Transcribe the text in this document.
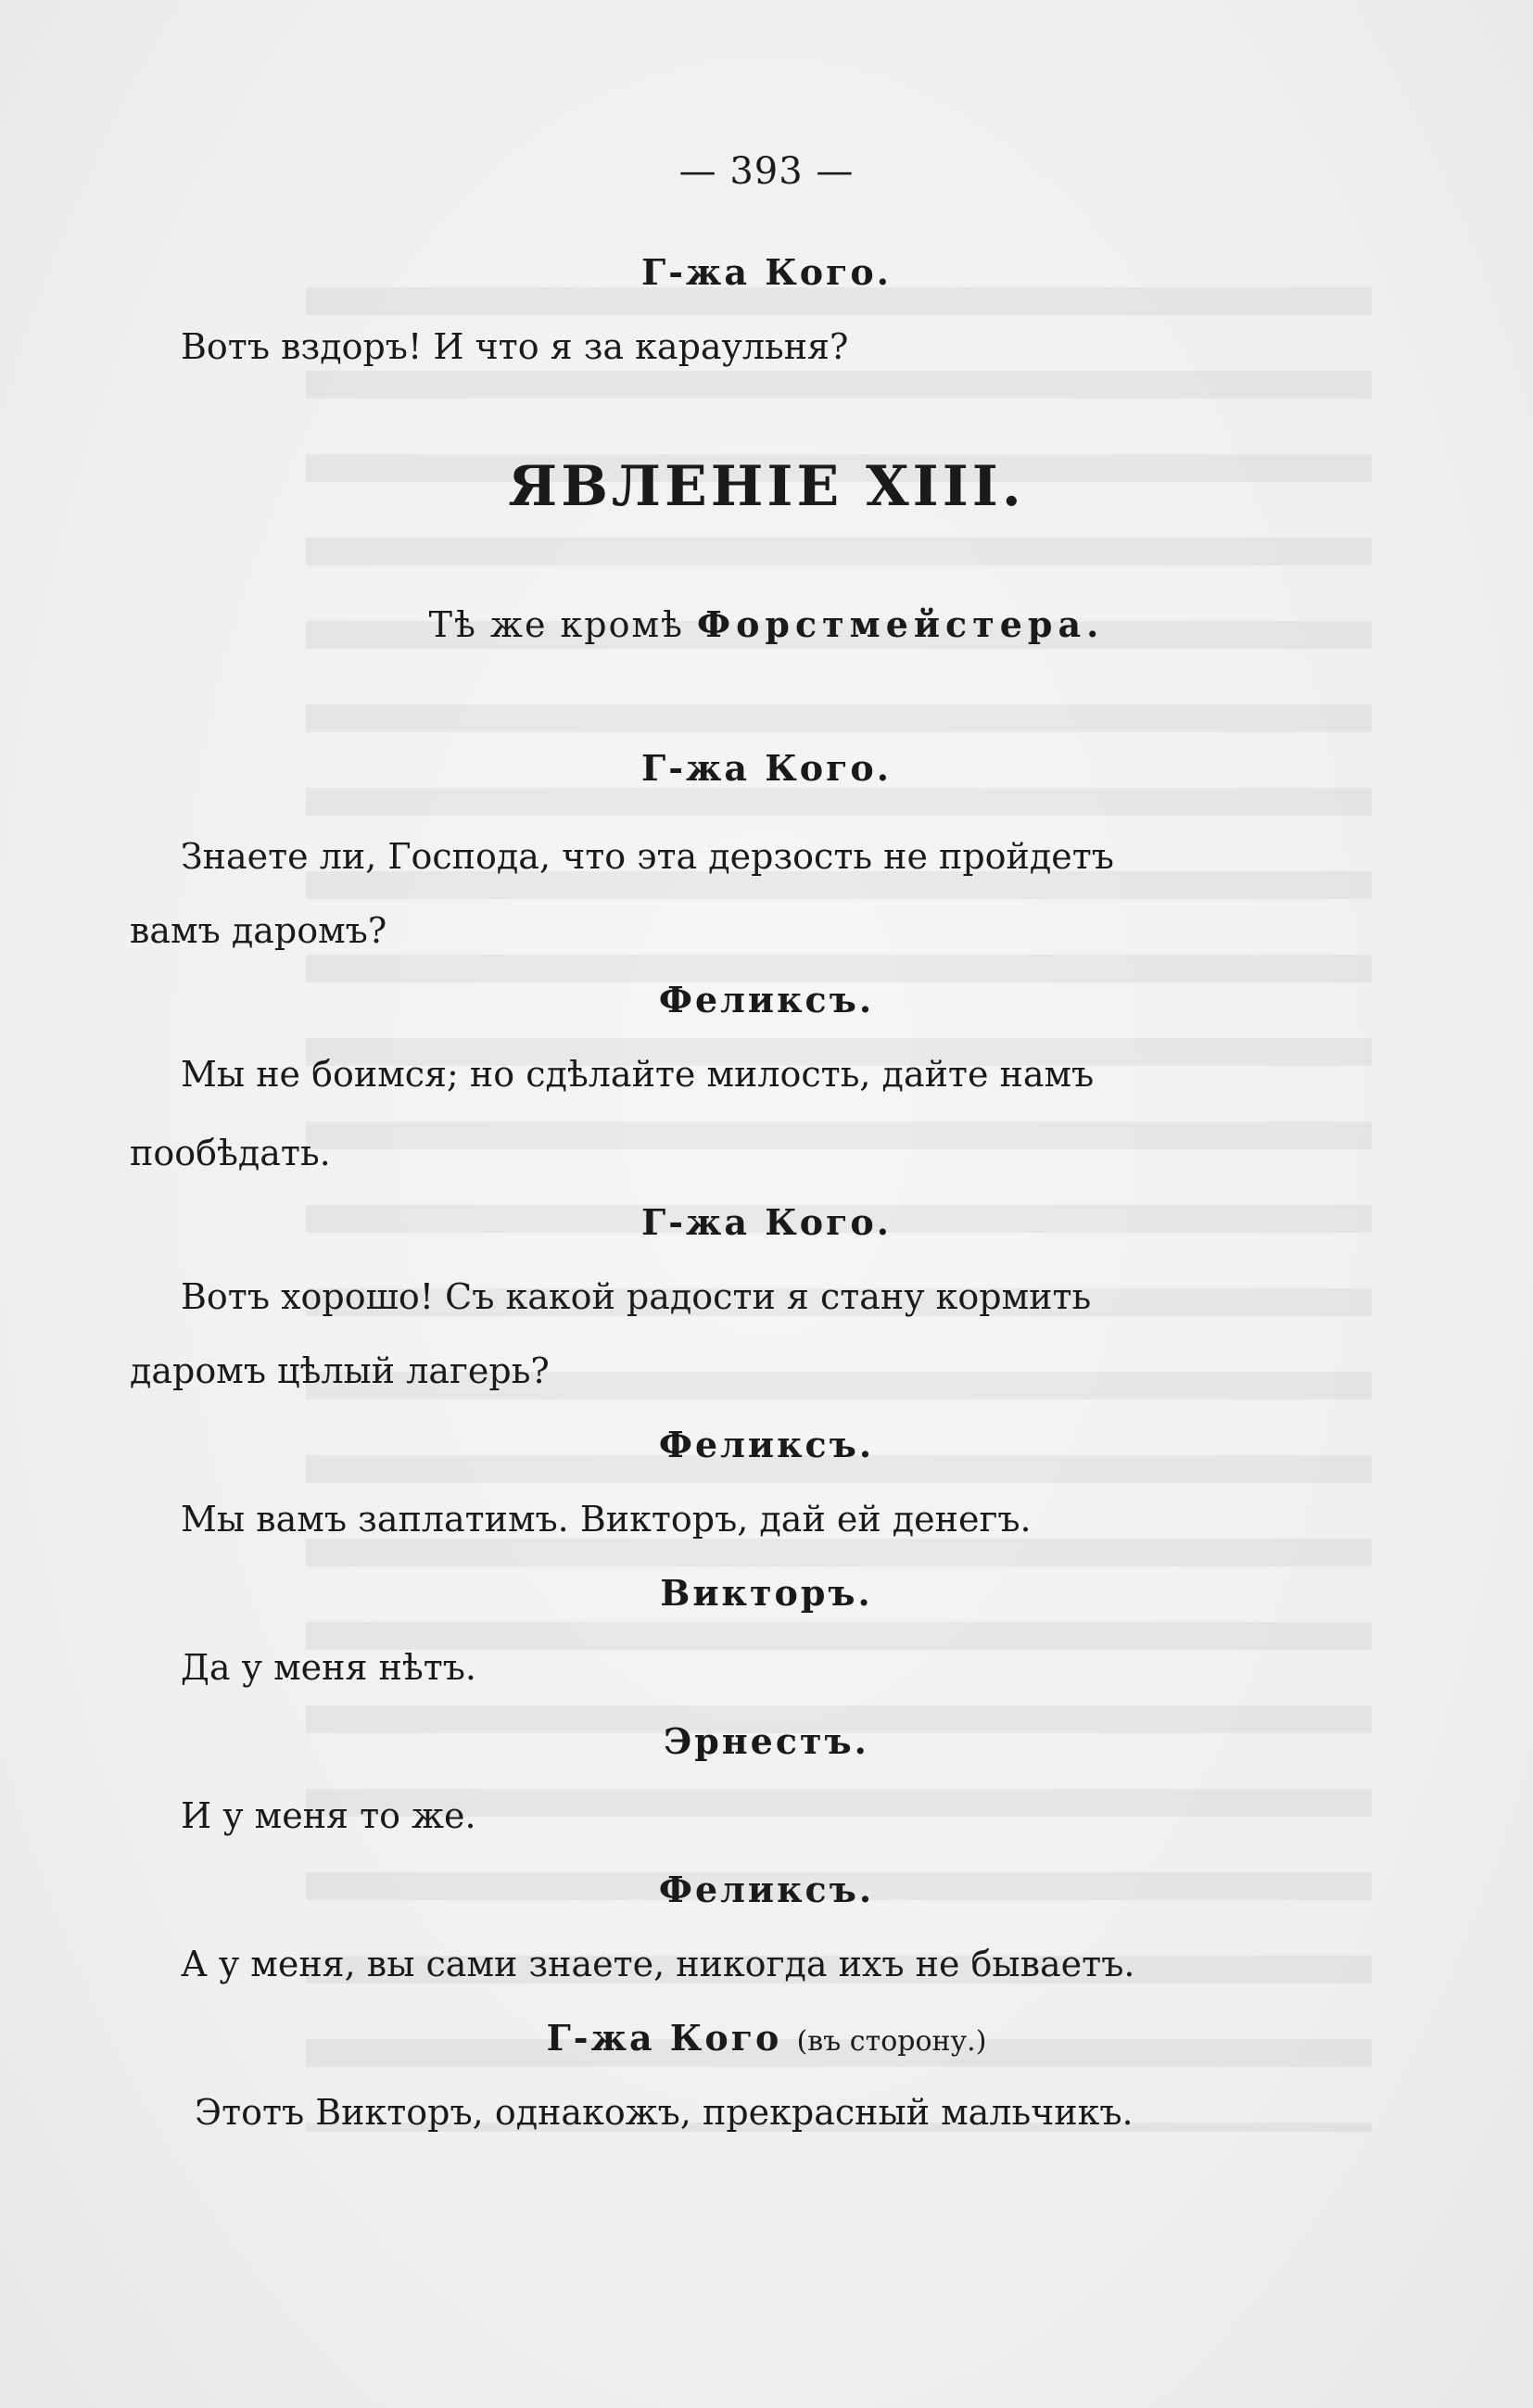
— 393 —
Г-жа Кого.
Вотъ вздоръ! И что я за караульня?
ЯВЛЕНІЕ XIII.
Тѣ же кромѣ Форстмейстера.
Г-жа Кого.
Знаете ли, Господа, что эта дерзость не пройдетъ
вамъ даромъ?
Феликсъ.
Мы не боимся; но сдѣлайте милость, дайте намъ
пообѣдать.
Г-жа Кого.
Вотъ хорошо! Съ какой радости я стану кормить
даромъ цѣлый лагерь?
Феликсъ.
Мы вамъ заплатимъ. Викторъ, дай ей денегъ.
Викторъ.
Да у меня нѣтъ.
Эрнестъ.
И у меня то же.
Феликсъ.
А у меня, вы сами знаете, никогда ихъ не бываетъ.
Г-жа Кого (въ сторону.)
Этотъ Викторъ, однакожъ, прекрасный мальчикъ.
